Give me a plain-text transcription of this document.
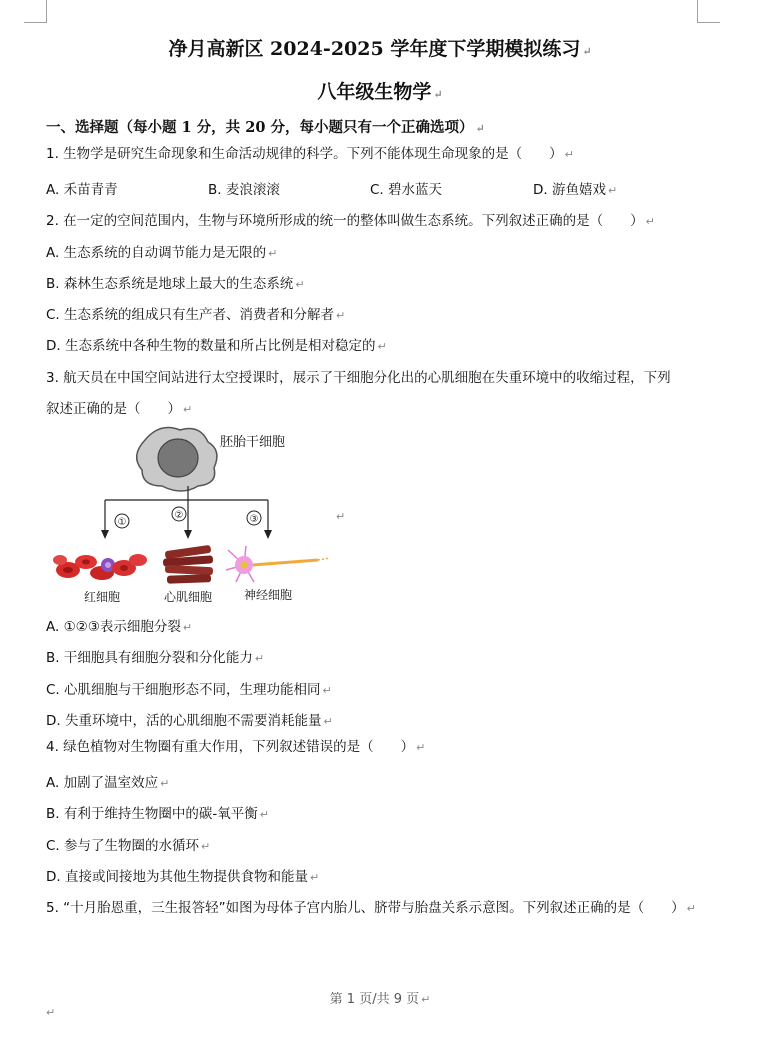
净月高新区 2024-2025 学年度下学期模拟练习 ↵
八年级生物学 ↵
一、选择题（每小题 1 分，共 20 分，每小题只有一个正确选项） ↵
1. 生物学是研究生命现象和生命活动规律的科学。下列不能体现生命现象的是（　　） ↵
A. 禾苗青青	B. 麦浪滚滚	C. 碧水蓝天	D. 游鱼嬉戏 ↵
2. 在一定的空间范围内，生物与环境所形成的统一的整体叫做生态系统。下列叙述正确的是（　　） ↵
A. 生态系统的自动调节能力是无限的 ↵
B. 森林生态系统是地球上最大的生态系统 ↵
C. 生态系统的组成只有生产者、消费者和分解者 ↵
D. 生态系统中各种生物的数量和所占比例是相对稳定的 ↵
3. 航天员在中国空间站进行太空授课时，展示了干细胞分化出的心肌细胞在失重环境中的收缩过程，下列
叙述正确的是（　　） ↵
胚胎干细胞
①
②	③
红细胞	心肌细胞	神经细胞
↵
A. ①②③表示细胞分裂 ↵
B. 干细胞具有细胞分裂和分化能力 ↵
C. 心肌细胞与干细胞形态不同，生理功能相同 ↵
D. 失重环境中，活的心肌细胞不需要消耗能量 ↵
4. 绿色植物对生物圈有重大作用，下列叙述错误的是（　　） ↵
A. 加剧了温室效应 ↵
B. 有利于维持生物圈中的碳-氧平衡 ↵
C. 参与了生物圈的水循环 ↵
D. 直接或间接地为其他生物提供食物和能量 ↵
5. “十月胎恩重，三生报答轻”如图为母体子宫内胎儿、脐带与胎盘关系示意图。下列叙述正确的是（　　） ↵
第 1 页/共 9 页 ↵
↵
